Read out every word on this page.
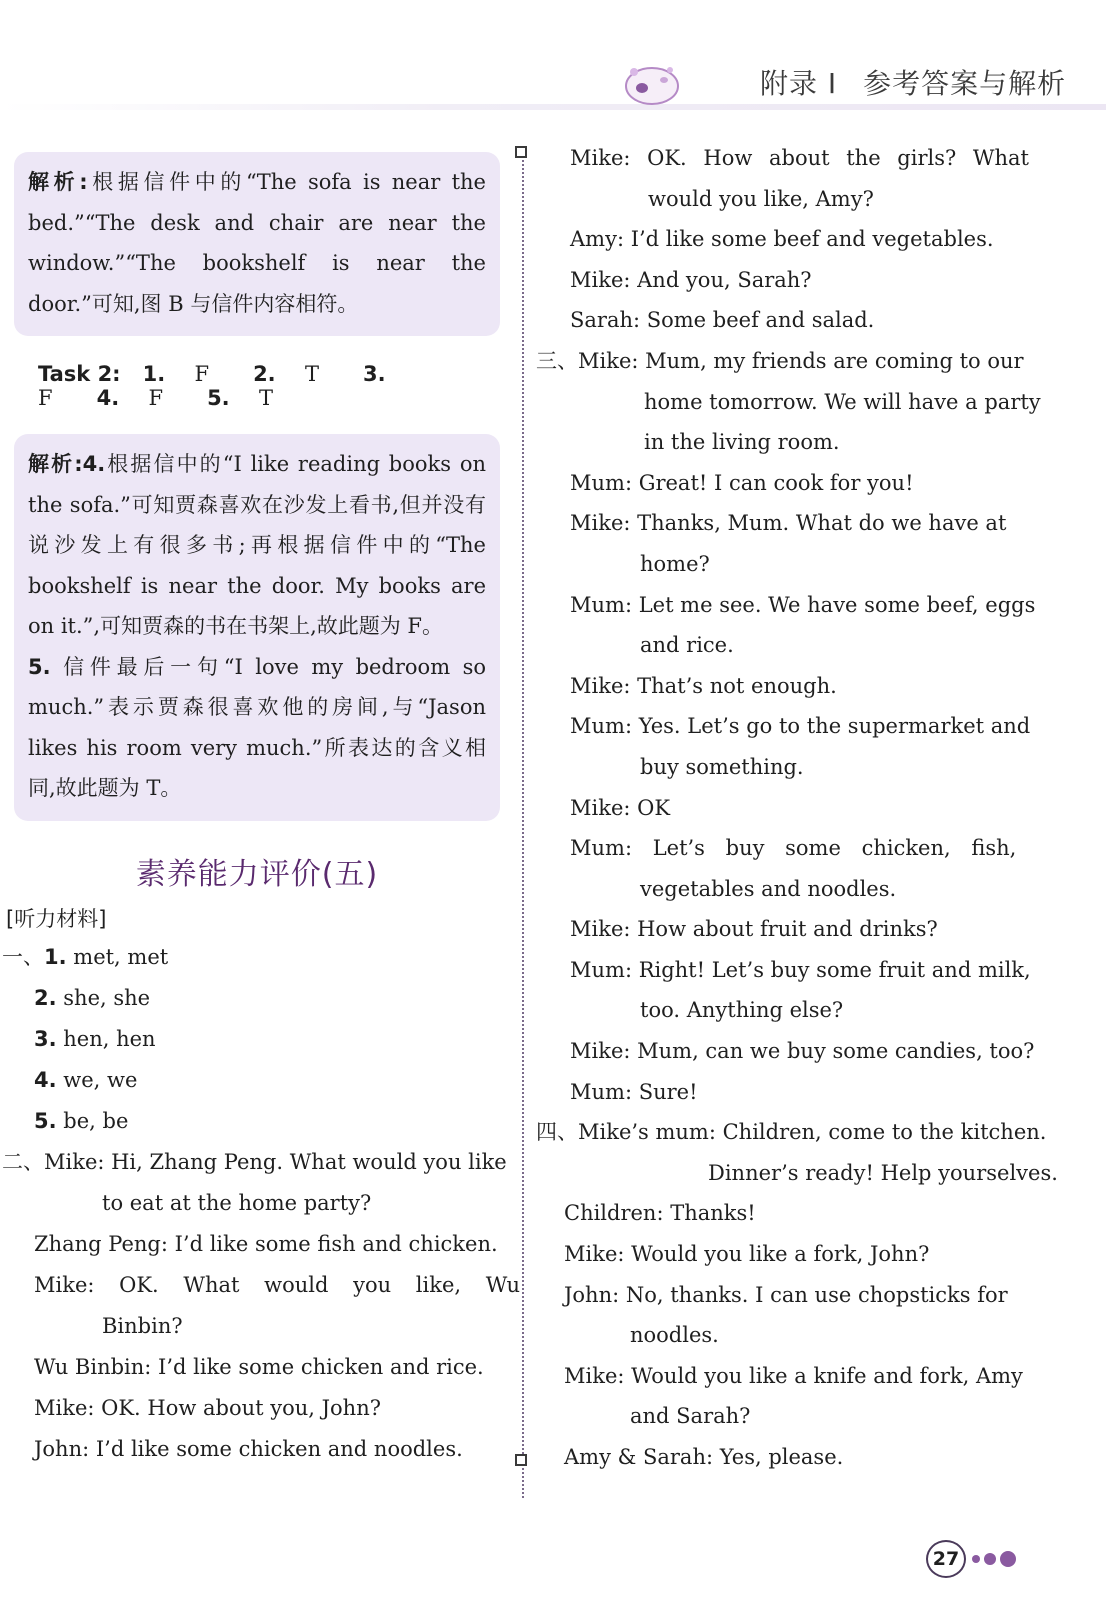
附录 I 参考答案与解析
解析:根据信件中的“The sofa is near the bed.”“The desk and chair are near the window.”“The bookshelf is near the door.”可知,图 B 与信件内容相符。
Task 2: 1. F 2. T 3. F 4. F 5. T
解析:4.根据信中的“I like reading books on the sofa.”可知贾森喜欢在沙发上看书,但并没有说沙发上有很多书;再根据信件中的“The bookshelf is near the door. My books are on it.”,可知贾森的书在书架上,故此题为 F。
5. 信件最后一句“I love my bedroom so much.”表示贾森很喜欢他的房间,与“Jason likes his room very much.”所表达的含义相同,故此题为 T。
素养能力评价(五)
[听力材料]
一、1. met, met
2. she, she
3. hen, hen
4. we, we
5. be, be
二、Mike: Hi, Zhang Peng. What would you like
to eat at the home party?
Zhang Peng: I’d like some fish and chicken.
Mike: OK. What would you like, Wu
Binbin?
Wu Binbin: I’d like some chicken and rice.
Mike: OK. How about you, John?
John: I’d like some chicken and noodles.
Mike: OK. How about the girls? What
would you like, Amy?
Amy: I’d like some beef and vegetables.
Mike: And you, Sarah?
Sarah: Some beef and salad.
三、Mike: Mum, my friends are coming to our
home tomorrow. We will have a party
in the living room.
Mum: Great! I can cook for you!
Mike: Thanks, Mum. What do we have at
home?
Mum: Let me see. We have some beef, eggs
and rice.
Mike: That’s not enough.
Mum: Yes. Let’s go to the supermarket and
buy something.
Mike: OK
Mum: Let’s buy some chicken, fish,
vegetables and noodles.
Mike: How about fruit and drinks?
Mum: Right! Let’s buy some fruit and milk,
too. Anything else?
Mike: Mum, can we buy some candies, too?
Mum: Sure!
四、Mike’s mum: Children, come to the kitchen.
Dinner’s ready! Help yourselves.
Children: Thanks!
Mike: Would you like a fork, John?
John: No, thanks. I can use chopsticks for
noodles.
Mike: Would you like a knife and fork, Amy
and Sarah?
Amy & Sarah: Yes, please.
27
